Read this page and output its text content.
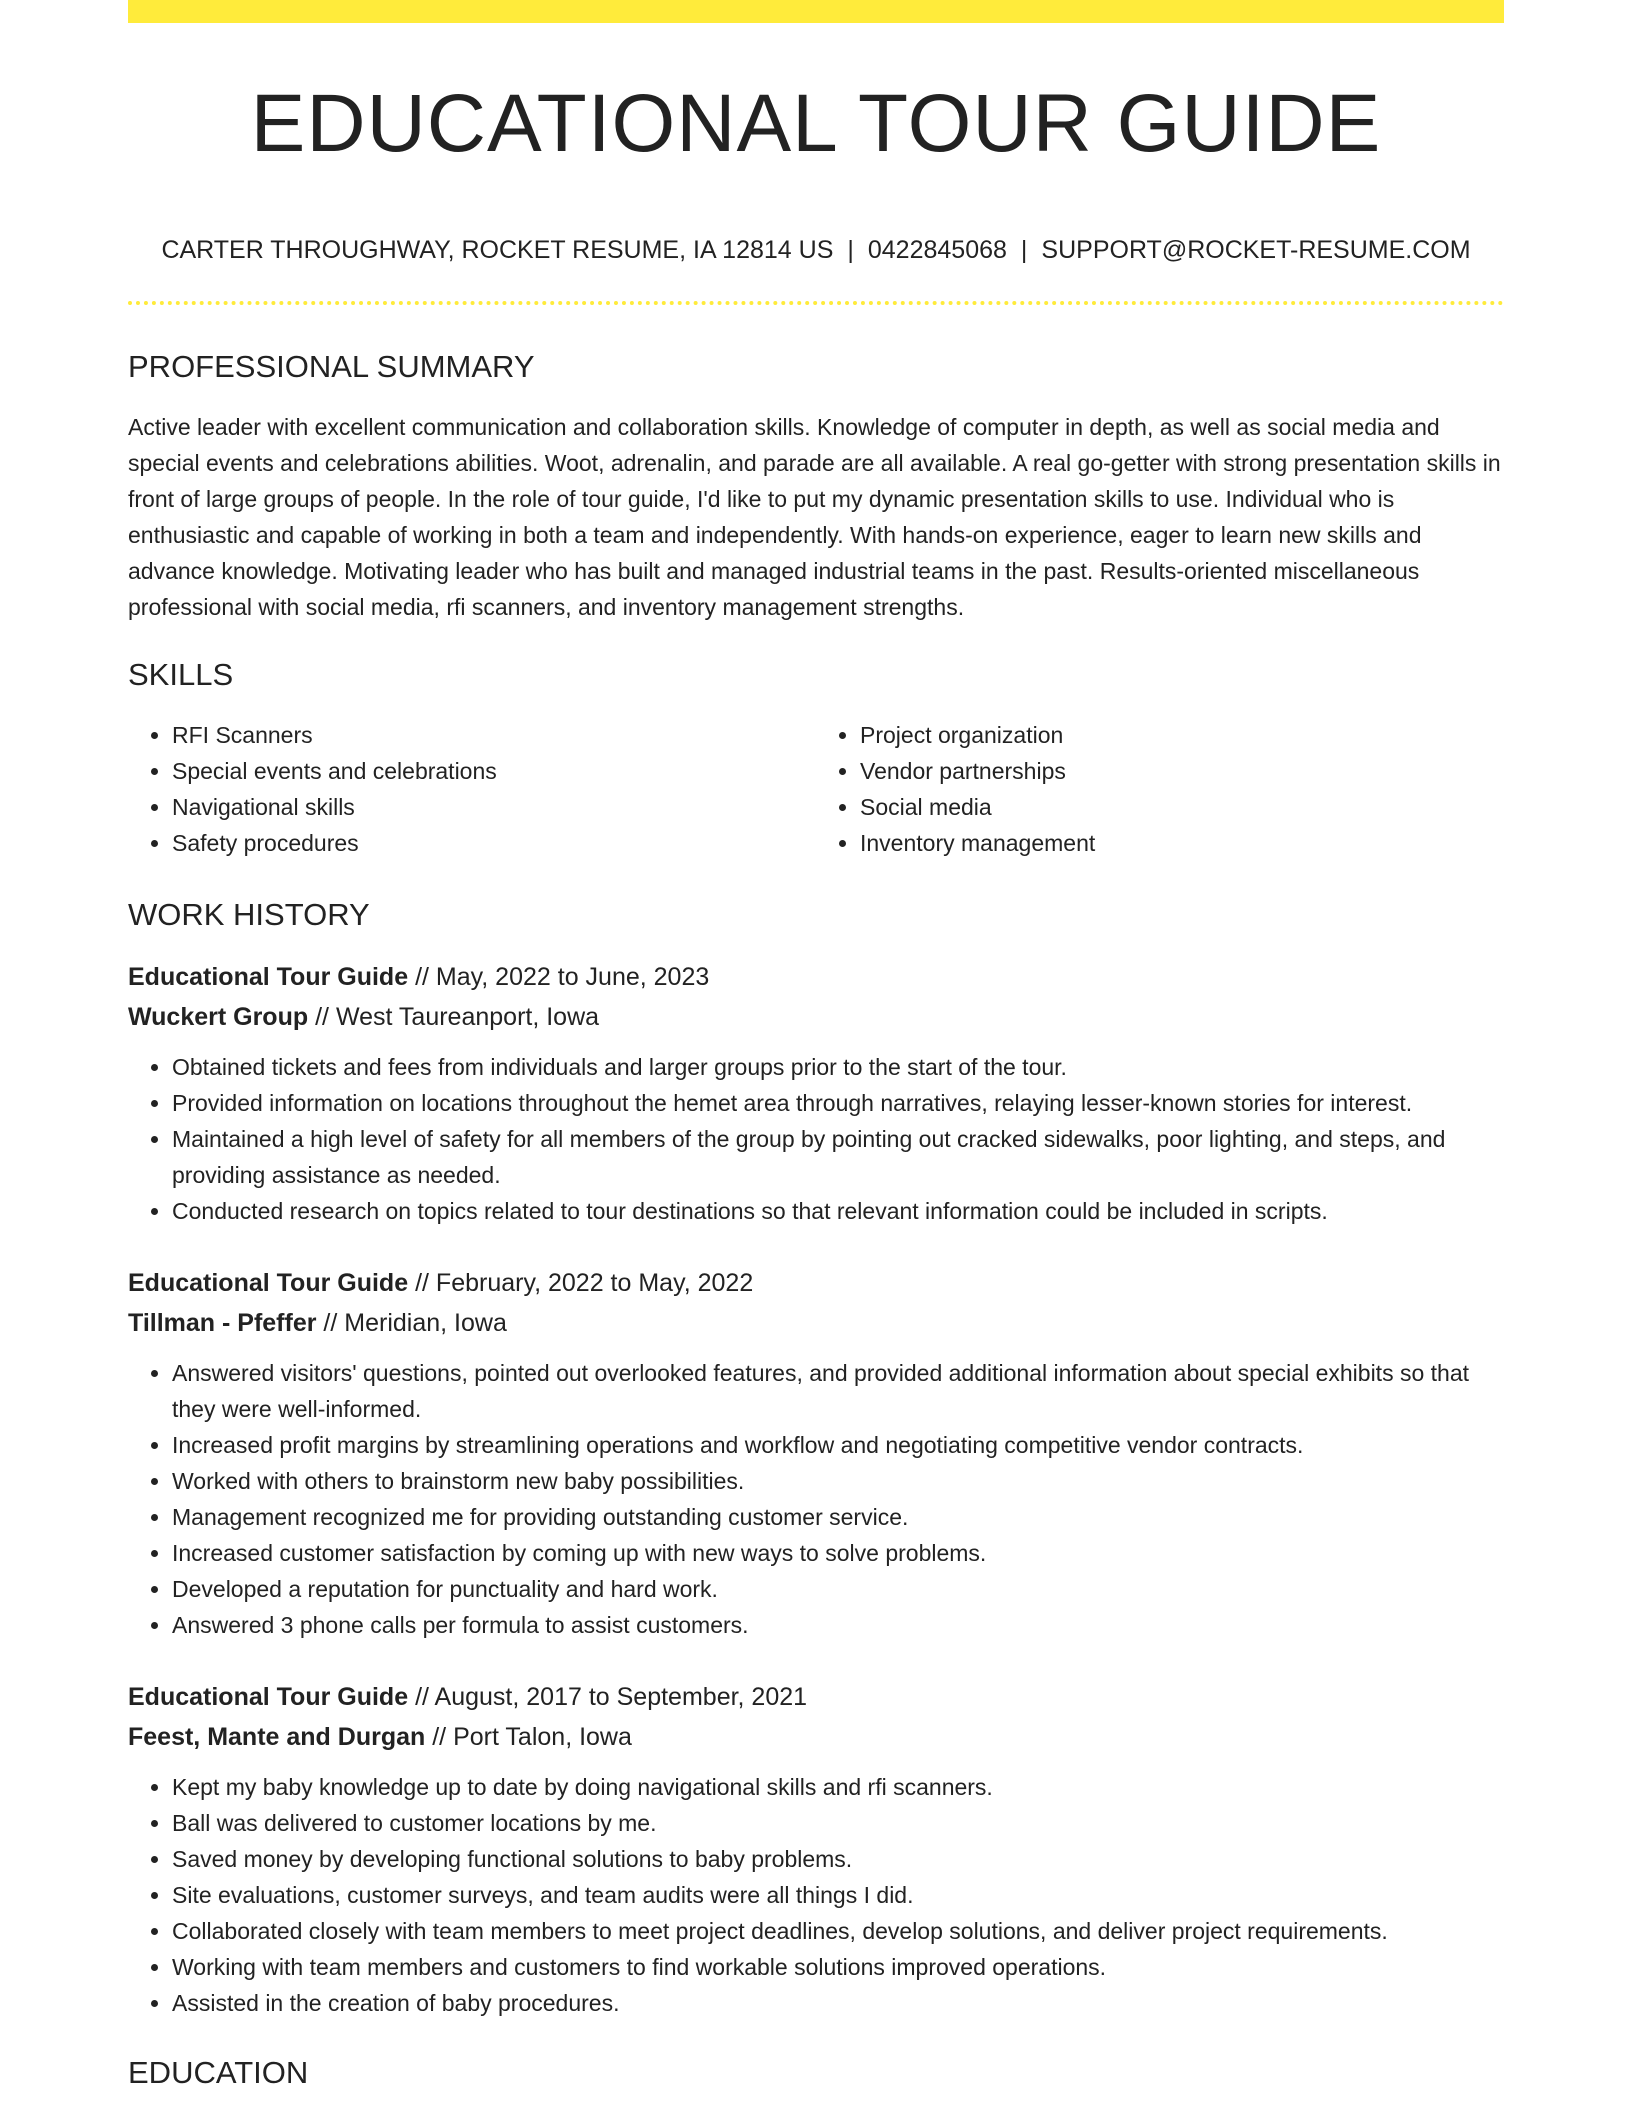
EDUCATIONAL TOUR GUIDE
CARTER THROUGHWAY, ROCKET RESUME, IA 12814 US | 0422845068 | SUPPORT@ROCKET-RESUME.COM
PROFESSIONAL SUMMARY
Active leader with excellent communication and collaboration skills. Knowledge of computer in depth, as well as social media and special events and celebrations abilities. Woot, adrenalin, and parade are all available. A real go-getter with strong presentation skills in front of large groups of people. In the role of tour guide, I'd like to put my dynamic presentation skills to use. Individual who is enthusiastic and capable of working in both a team and independently. With hands-on experience, eager to learn new skills and advance knowledge. Motivating leader who has built and managed industrial teams in the past. Results-oriented miscellaneous professional with social media, rfi scanners, and inventory management strengths.
SKILLS
• RFI Scanners
• Special events and celebrations
• Navigational skills
• Safety procedures
• Project organization
• Vendor partnerships
• Social media
• Inventory management
WORK HISTORY
Educational Tour Guide // May, 2022 to June, 2023
Wuckert Group // West Taureanport, Iowa
• Obtained tickets and fees from individuals and larger groups prior to the start of the tour.
• Provided information on locations throughout the hemet area through narratives, relaying lesser-known stories for interest.
• Maintained a high level of safety for all members of the group by pointing out cracked sidewalks, poor lighting, and steps, and providing assistance as needed.
• Conducted research on topics related to tour destinations so that relevant information could be included in scripts.
Educational Tour Guide // February, 2022 to May, 2022
Tillman - Pfeffer // Meridian, Iowa
• Answered visitors' questions, pointed out overlooked features, and provided additional information about special exhibits so that they were well-informed.
• Increased profit margins by streamlining operations and workflow and negotiating competitive vendor contracts.
• Worked with others to brainstorm new baby possibilities.
• Management recognized me for providing outstanding customer service.
• Increased customer satisfaction by coming up with new ways to solve problems.
• Developed a reputation for punctuality and hard work.
• Answered 3 phone calls per formula to assist customers.
Educational Tour Guide // August, 2017 to September, 2021
Feest, Mante and Durgan // Port Talon, Iowa
• Kept my baby knowledge up to date by doing navigational skills and rfi scanners.
• Ball was delivered to customer locations by me.
• Saved money by developing functional solutions to baby problems.
• Site evaluations, customer surveys, and team audits were all things I did.
• Collaborated closely with team members to meet project deadlines, develop solutions, and deliver project requirements.
• Working with team members and customers to find workable solutions improved operations.
• Assisted in the creation of baby procedures.
EDUCATION
